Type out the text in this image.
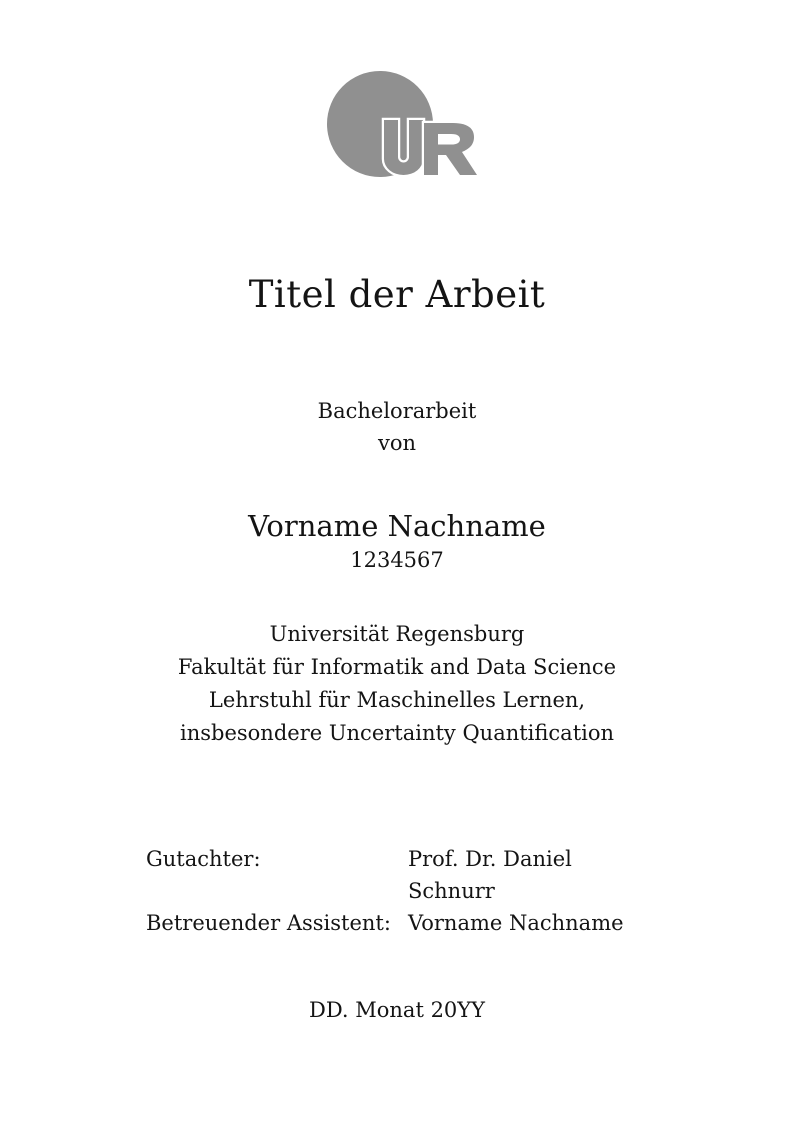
Titel der Arbeit
Bachelorarbeit
von
Vorname Nachname
1234567
Universität Regensburg
Fakultät für Informatik and Data Science
Lehrstuhl für Maschinelles Lernen,
insbesondere Uncertainty Quantification
Gutachter:	Prof. Dr. Daniel Schnurr
Betreuender Assistent: Vorname Nachname
DD. Monat 20YY
